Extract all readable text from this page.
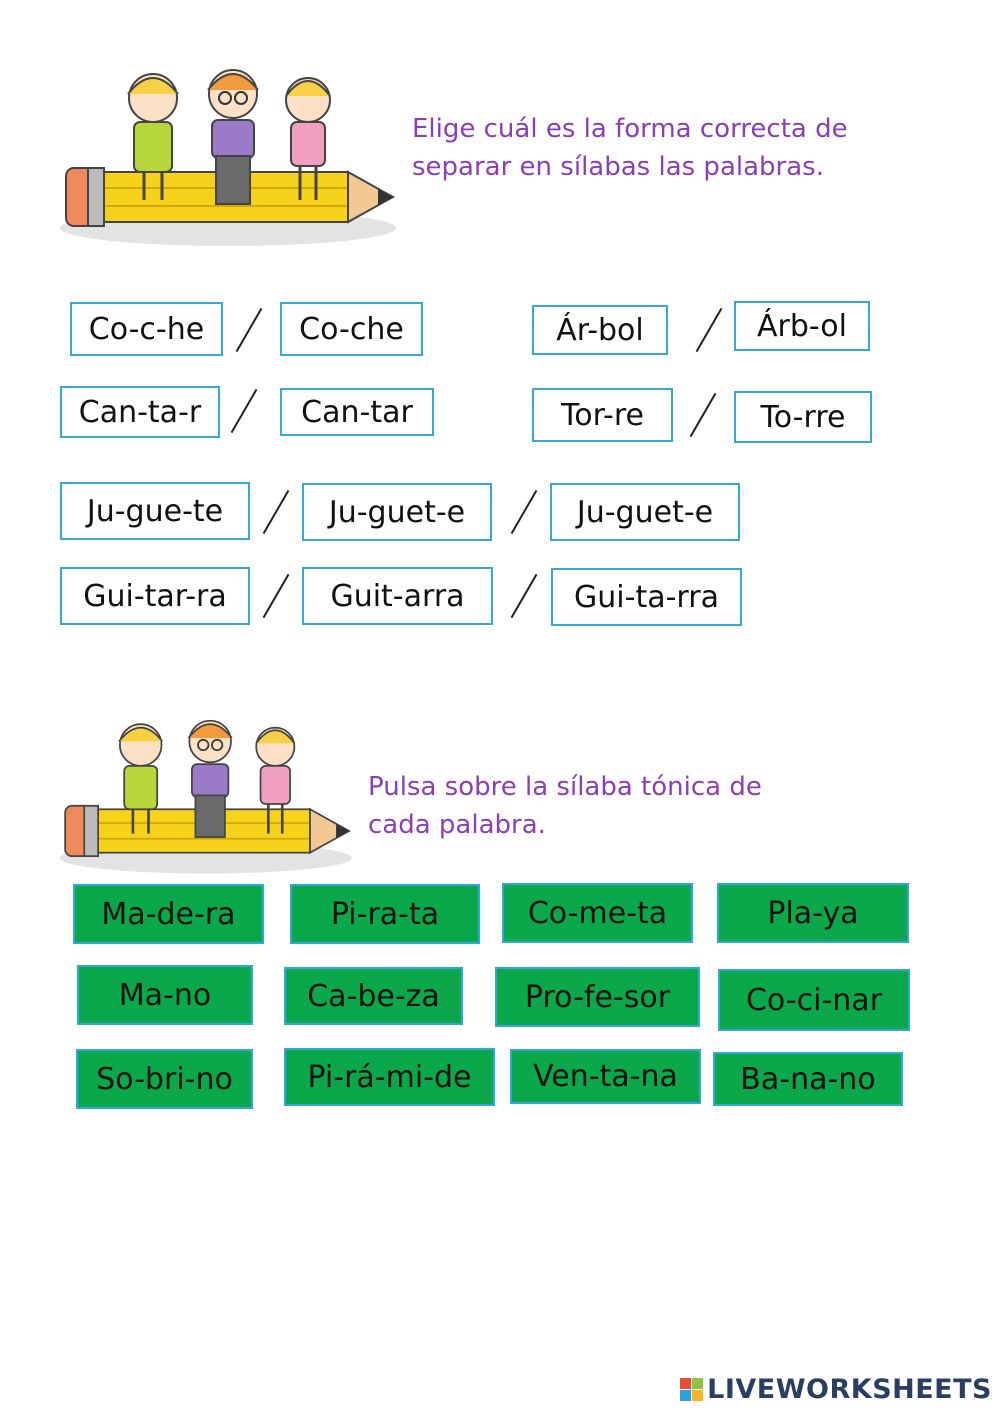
Elige cuál es la forma correcta de
separar en sílabas las palabras.
Co-c-he	Co-che	Ár-bol	Árb-ol
Can-ta-r	Can-tar	Tor-re	To-rre
Ju-gue-te	Ju-guet-e	Ju-guet-e
Gui-tar-ra	Guit-arra	Gui-ta-rra
Pulsa sobre la sílaba tónica de
cada palabra.
Ma-de-ra	Pi-ra-ta	Co-me-ta	Pla-ya
Ma-no	Ca-be-za	Pro-fe-sor	Co-ci-nar
So-bri-no	Pi-rá-mi-de	Ven-ta-na	Ba-na-no
LIVEWORKSHEETS
